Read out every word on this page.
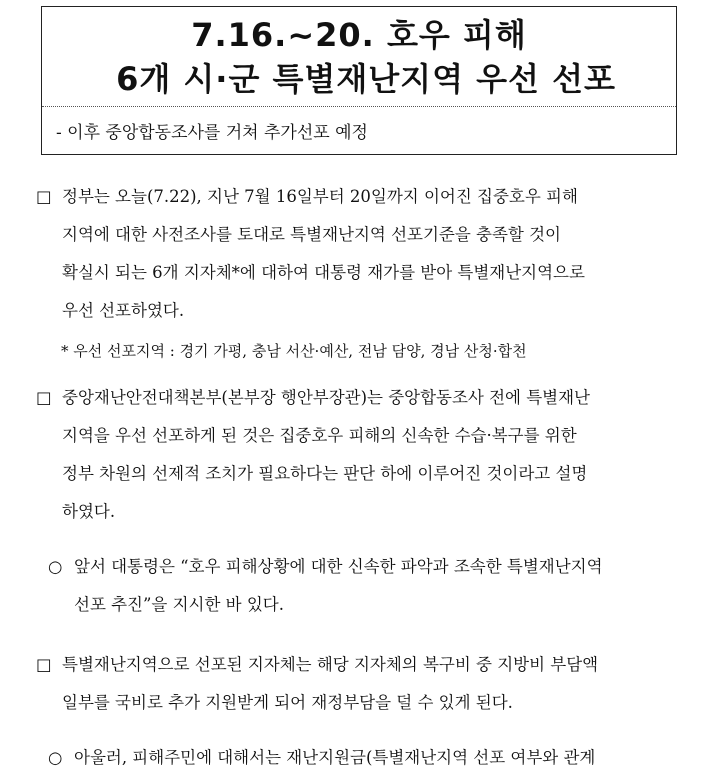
7.16.~20. 호우 피해
6개 시·군 특별재난지역 우선 선포
- 이후 중앙합동조사를 거쳐 추가선포 예정
□ 정부는 오늘(7.22), 지난 7월 16일부터 20일까지 이어진 집중호우 피해
지역에 대한 사전조사를 토대로 특별재난지역 선포기준을 충족할 것이
확실시 되는 6개 지자체*에 대하여 대통령 재가를 받아 특별재난지역으로
우선 선포하였다.
* 우선 선포지역 : 경기 가평, 충남 서산·예산, 전남 담양, 경남 산청·합천
□ 중앙재난안전대책본부(본부장 행안부장관)는 중앙합동조사 전에 특별재난
지역을 우선 선포하게 된 것은 집중호우 피해의 신속한 수습·복구를 위한
정부 차원의 선제적 조치가 필요하다는 판단 하에 이루어진 것이라고 설명
하였다.
○ 앞서 대통령은 “호우 피해상황에 대한 신속한 파악과 조속한 특별재난지역
선포 추진”을 지시한 바 있다.
□ 특별재난지역으로 선포된 지자체는 해당 지자체의 복구비 중 지방비 부담액
일부를 국비로 추가 지원받게 되어 재정부담을 덜 수 있게 된다.
○ 아울러, 피해주민에 대해서는 재난지원금(특별재난지역 선포 여부와 관계
